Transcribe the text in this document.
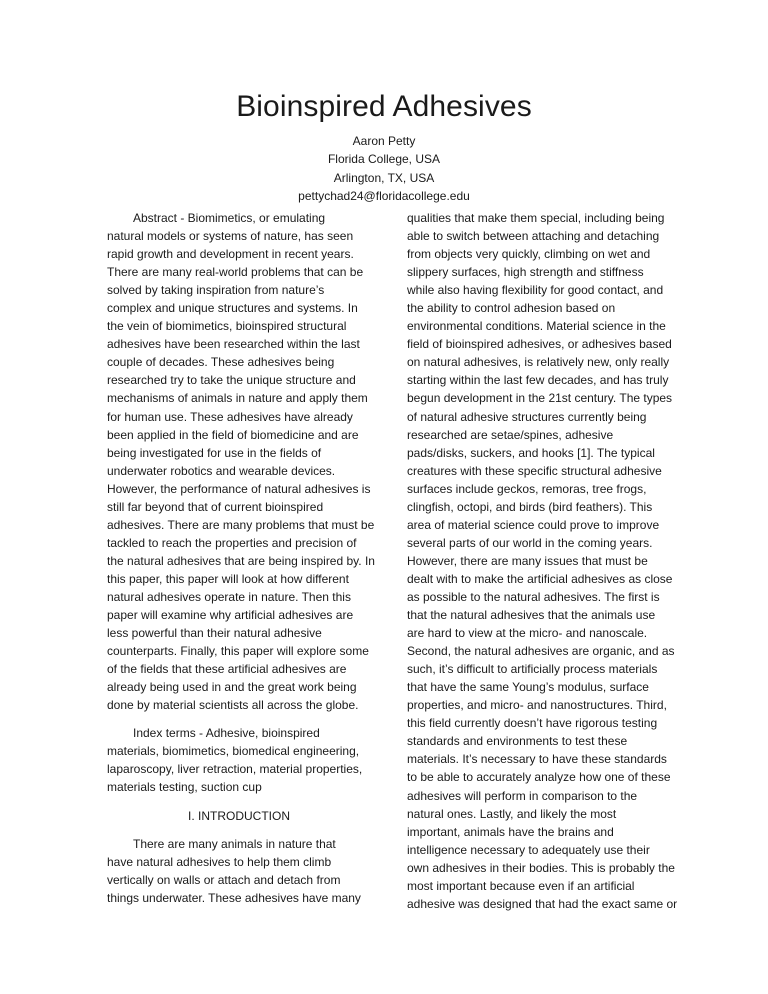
Bioinspired Adhesives
Aaron Petty
Florida College, USA
Arlington, TX, USA
pettychad24@floridacollege.edu

Abstract - Biomimetics, or emulating
natural models or systems of nature, has seen
rapid growth and development in recent years.
There are many real-world problems that can be
solved by taking inspiration from nature’s
complex and unique structures and systems. In
the vein of biomimetics, bioinspired structural
adhesives have been researched within the last
couple of decades. These adhesives being
researched try to take the unique structure and
mechanisms of animals in nature and apply them
for human use. These adhesives have already
been applied in the field of biomedicine and are
being investigated for use in the fields of
underwater robotics and wearable devices.
However, the performance of natural adhesives is
still far beyond that of current bioinspired
adhesives. There are many problems that must be
tackled to reach the properties and precision of
the natural adhesives that are being inspired by. In
this paper, this paper will look at how different
natural adhesives operate in nature. Then this
paper will examine why artificial adhesives are
less powerful than their natural adhesive
counterparts. Finally, this paper will explore some
of the fields that these artificial adhesives are
already being used in and the great work being
done by material scientists all across the globe.

Index terms - Adhesive, bioinspired
materials, biomimetics, biomedical engineering,
laparoscopy, liver retraction, material properties,
materials testing, suction cup

I. INTRODUCTION

There are many animals in nature that
have natural adhesives to help them climb
vertically on walls or attach and detach from
things underwater. These adhesives have many

qualities that make them special, including being
able to switch between attaching and detaching
from objects very quickly, climbing on wet and
slippery surfaces, high strength and stiffness
while also having flexibility for good contact, and
the ability to control adhesion based on
environmental conditions. Material science in the
field of bioinspired adhesives, or adhesives based
on natural adhesives, is relatively new, only really
starting within the last few decades, and has truly
begun development in the 21st century. The types
of natural adhesive structures currently being
researched are setae/spines, adhesive
pads/disks, suckers, and hooks [1]. The typical
creatures with these specific structural adhesive
surfaces include geckos, remoras, tree frogs,
clingfish, octopi, and birds (bird feathers). This
area of material science could prove to improve
several parts of our world in the coming years.
However, there are many issues that must be
dealt with to make the artificial adhesives as close
as possible to the natural adhesives. The first is
that the natural adhesives that the animals use
are hard to view at the micro- and nanoscale.
Second, the natural adhesives are organic, and as
such, it’s difficult to artificially process materials
that have the same Young’s modulus, surface
properties, and micro- and nanostructures. Third,
this field currently doesn’t have rigorous testing
standards and environments to test these
materials. It’s necessary to have these standards
to be able to accurately analyze how one of these
adhesives will perform in comparison to the
natural ones. Lastly, and likely the most
important, animals have the brains and
intelligence necessary to adequately use their
own adhesives in their bodies. This is probably the
most important because even if an artificial
adhesive was designed that had the exact same or
